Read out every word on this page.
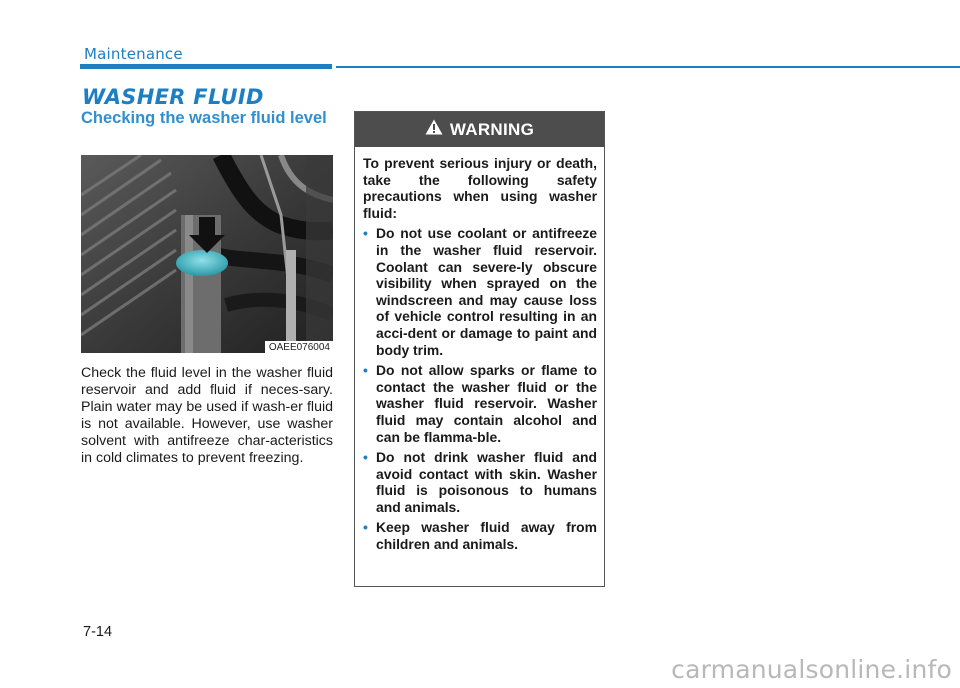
Maintenance
WASHER FLUID
Checking the washer fluid level
OAEE076004
Check the fluid level in the washer fluid reservoir and add fluid if neces-sary. Plain water may be used if wash-er fluid is not available. However, use washer solvent with antifreeze char-acteristics in cold climates to prevent freezing.
WARNING
To prevent serious injury or death, take the following safety precautions when using washer fluid:
• Do not use coolant or antifreeze in the washer fluid reservoir. Coolant can severe-ly obscure visibility when sprayed on the windscreen and may cause loss of vehicle control resulting in an acci-dent or damage to paint and body trim.
• Do not allow sparks or flame to contact the washer fluid or the washer fluid reservoir. Washer fluid may contain alcohol and can be flamma-ble.
• Do not drink washer fluid and avoid contact with skin. Washer fluid is poisonous to humans and animals.
• Keep washer fluid away from children and animals.
7-14
carmanualsonline.info
